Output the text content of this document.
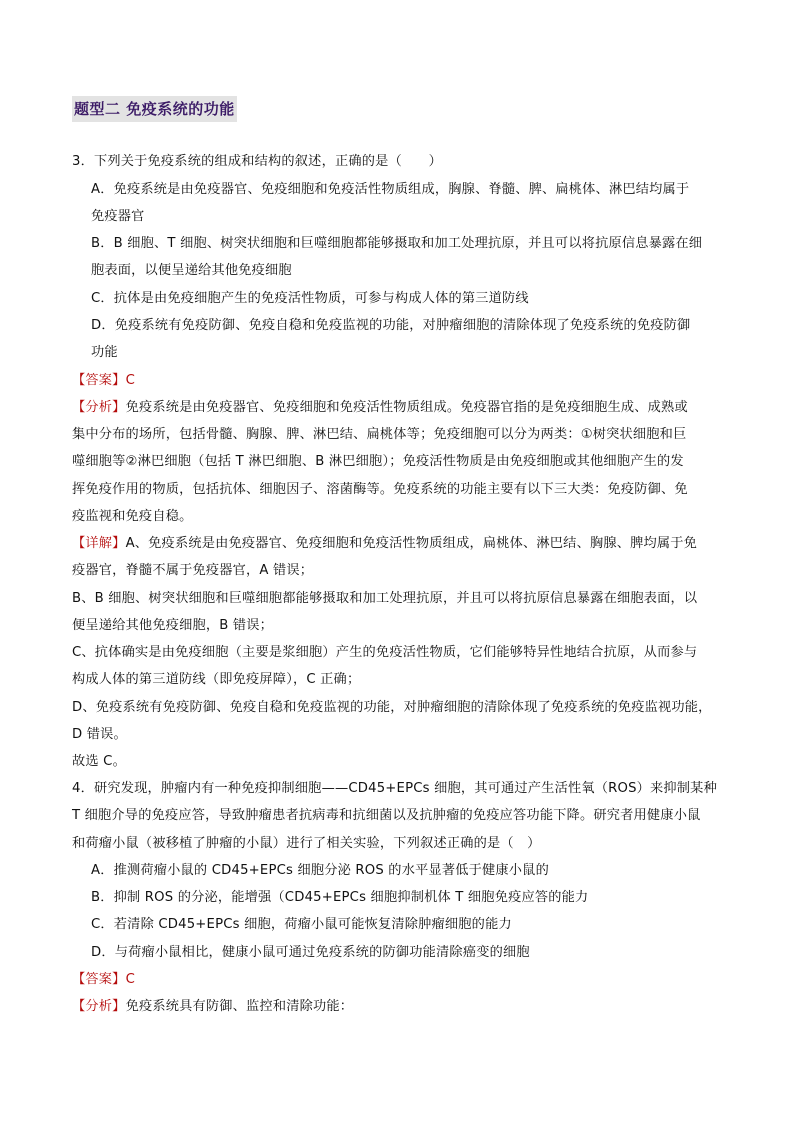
题型二 免疫系统的功能
3．下列关于免疫系统的组成和结构的叙述，正确的是（　　）
A．免疫系统是由免疫器官、免疫细胞和免疫活性物质组成，胸腺、脊髓、脾、扁桃体、淋巴结均属于
免疫器官
B．B 细胞、T 细胞、树突状细胞和巨噬细胞都能够摄取和加工处理抗原，并且可以将抗原信息暴露在细
胞表面，以便呈递给其他免疫细胞
C．抗体是由免疫细胞产生的免疫活性物质，可参与构成人体的第三道防线
D．免疫系统有免疫防御、免疫自稳和免疫监视的功能，对肿瘤细胞的清除体现了免疫系统的免疫防御
功能
【答案】C
【分析】免疫系统是由免疫器官、免疫细胞和免疫活性物质组成。免疫器官指的是免疫细胞生成、成熟或
集中分布的场所，包括骨髓、胸腺、脾、淋巴结、扁桃体等；免疫细胞可以分为两类：①树突状细胞和巨
噬细胞等②淋巴细胞（包括 T 淋巴细胞、B 淋巴细胞）；免疫活性物质是由免疫细胞或其他细胞产生的发
挥免疫作用的物质，包括抗体、细胞因子、溶菌酶等。免疫系统的功能主要有以下三大类：免疫防御、免
疫监视和免疫自稳。
【详解】A、免疫系统是由免疫器官、免疫细胞和免疫活性物质组成，扁桃体、淋巴结、胸腺、脾均属于免
疫器官，脊髓不属于免疫器官，A 错误；
B、B 细胞、树突状细胞和巨噬细胞都能够摄取和加工处理抗原，并且可以将抗原信息暴露在细胞表面，以
便呈递给其他免疫细胞，B 错误；
C、抗体确实是由免疫细胞（主要是浆细胞）产生的免疫活性物质，它们能够特异性地结合抗原，从而参与
构成人体的第三道防线（即免疫屏障），C 正确；
D、免疫系统有免疫防御、免疫自稳和免疫监视的功能，对肿瘤细胞的清除体现了免疫系统的免疫监视功能，
D 错误。
故选 C。
4．研究发现，肿瘤内有一种免疫抑制细胞——CD45+EPCs 细胞，其可通过产生活性氧（ROS）来抑制某种
T 细胞介导的免疫应答，导致肿瘤患者抗病毒和抗细菌以及抗肿瘤的免疫应答功能下降。研究者用健康小鼠
和荷瘤小鼠（被移植了肿瘤的小鼠）进行了相关实验，下列叙述正确的是（　）
A．推测荷瘤小鼠的 CD45+EPCs 细胞分泌 ROS 的水平显著低于健康小鼠的
B．抑制 ROS 的分泌，能增强（CD45+EPCs 细胞抑制机体 T 细胞免疫应答的能力
C．若清除 CD45+EPCs 细胞，荷瘤小鼠可能恢复清除肿瘤细胞的能力
D．与荷瘤小鼠相比，健康小鼠可通过免疫系统的防御功能清除癌变的细胞
【答案】C
【分析】免疫系统具有防御、监控和清除功能：
